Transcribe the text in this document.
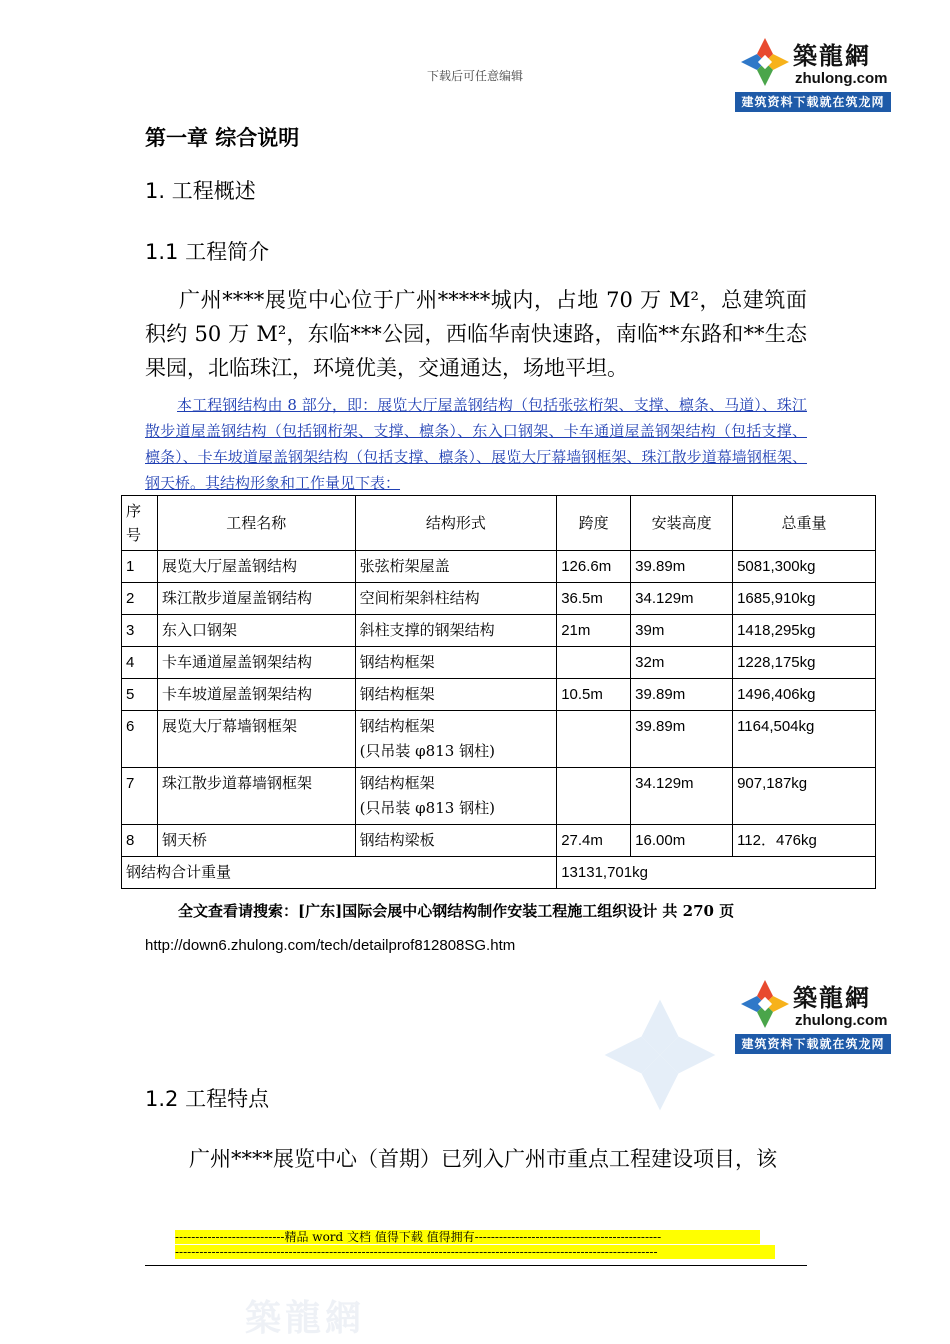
下载后可任意编辑
築龍網
zhulong.com
建筑资料下载就在筑龙网
第一章 综合说明
1. 工程概述
1.1 工程简介
广州****展览中心位于广州*****城内，占地 70 万 M²，总建筑面积约 50 万 M²，东临***公园，西临华南快速路，南临**东路和**生态果园，北临珠江，环境优美，交通通达，场地平坦。
本工程钢结构由 8 部分，即：展览大厅屋盖钢结构（包括张弦桁架、支撑、檩条、马道）、珠江散步道屋盖钢结构（包括钢桁架、支撑、檩条）、东入口钢架、卡车通道屋盖钢架结构（包括支撑、檩条）、卡车坡道屋盖钢架结构（包括支撑、檩条）、展览大厅幕墙钢框架、珠江散步道幕墙钢框架、钢天桥。其结构形象和工作量见下表：
序号	工程名称	结构形式	跨度	安装高度	总重量

1	展览大厅屋盖钢结构	张弦桁架屋盖	126.6m	39.89m	5081,300kg

2	珠江散步道屋盖钢结构	空间桁架斜柱结构	36.5m	34.129m	1685,910kg

3	东入口钢架	斜柱支撑的钢架结构	21m	39m	1418,295kg

4	卡车通道屋盖钢架结构	钢结构框架		32m	1228,175kg

5	卡车坡道屋盖钢架结构	钢结构框架	10.5m	39.89m	1496,406kg

6	展览大厅幕墙钢框架	钢结构框架
(只吊装 φ813 钢柱)		39.89m	1164,504kg

7	珠江散步道幕墙钢框架	钢结构框架
(只吊装 φ813 钢柱)		34.129m	907,187kg

8	钢天桥	钢结构梁板	27.4m	16.00m	112．476kg

钢结构合计重量			13131,701kg		
全文查看请搜索：[广东]国际会展中心钢结构制作安装工程施工组织设计 共 270 页
http://down6.zhulong.com/tech/detailprof812808SG.htm
築龍網
zhulong.com
建筑资料下载就在筑龙网
1.2 工程特点
广州****展览中心（首期）已列入广州市重点工程建设项目，该
---------------------------精品 word 文档 值得下载 值得拥有----------------------------------------------
-----------------------------------------------------------------------------------------------------------------------
築龍網
